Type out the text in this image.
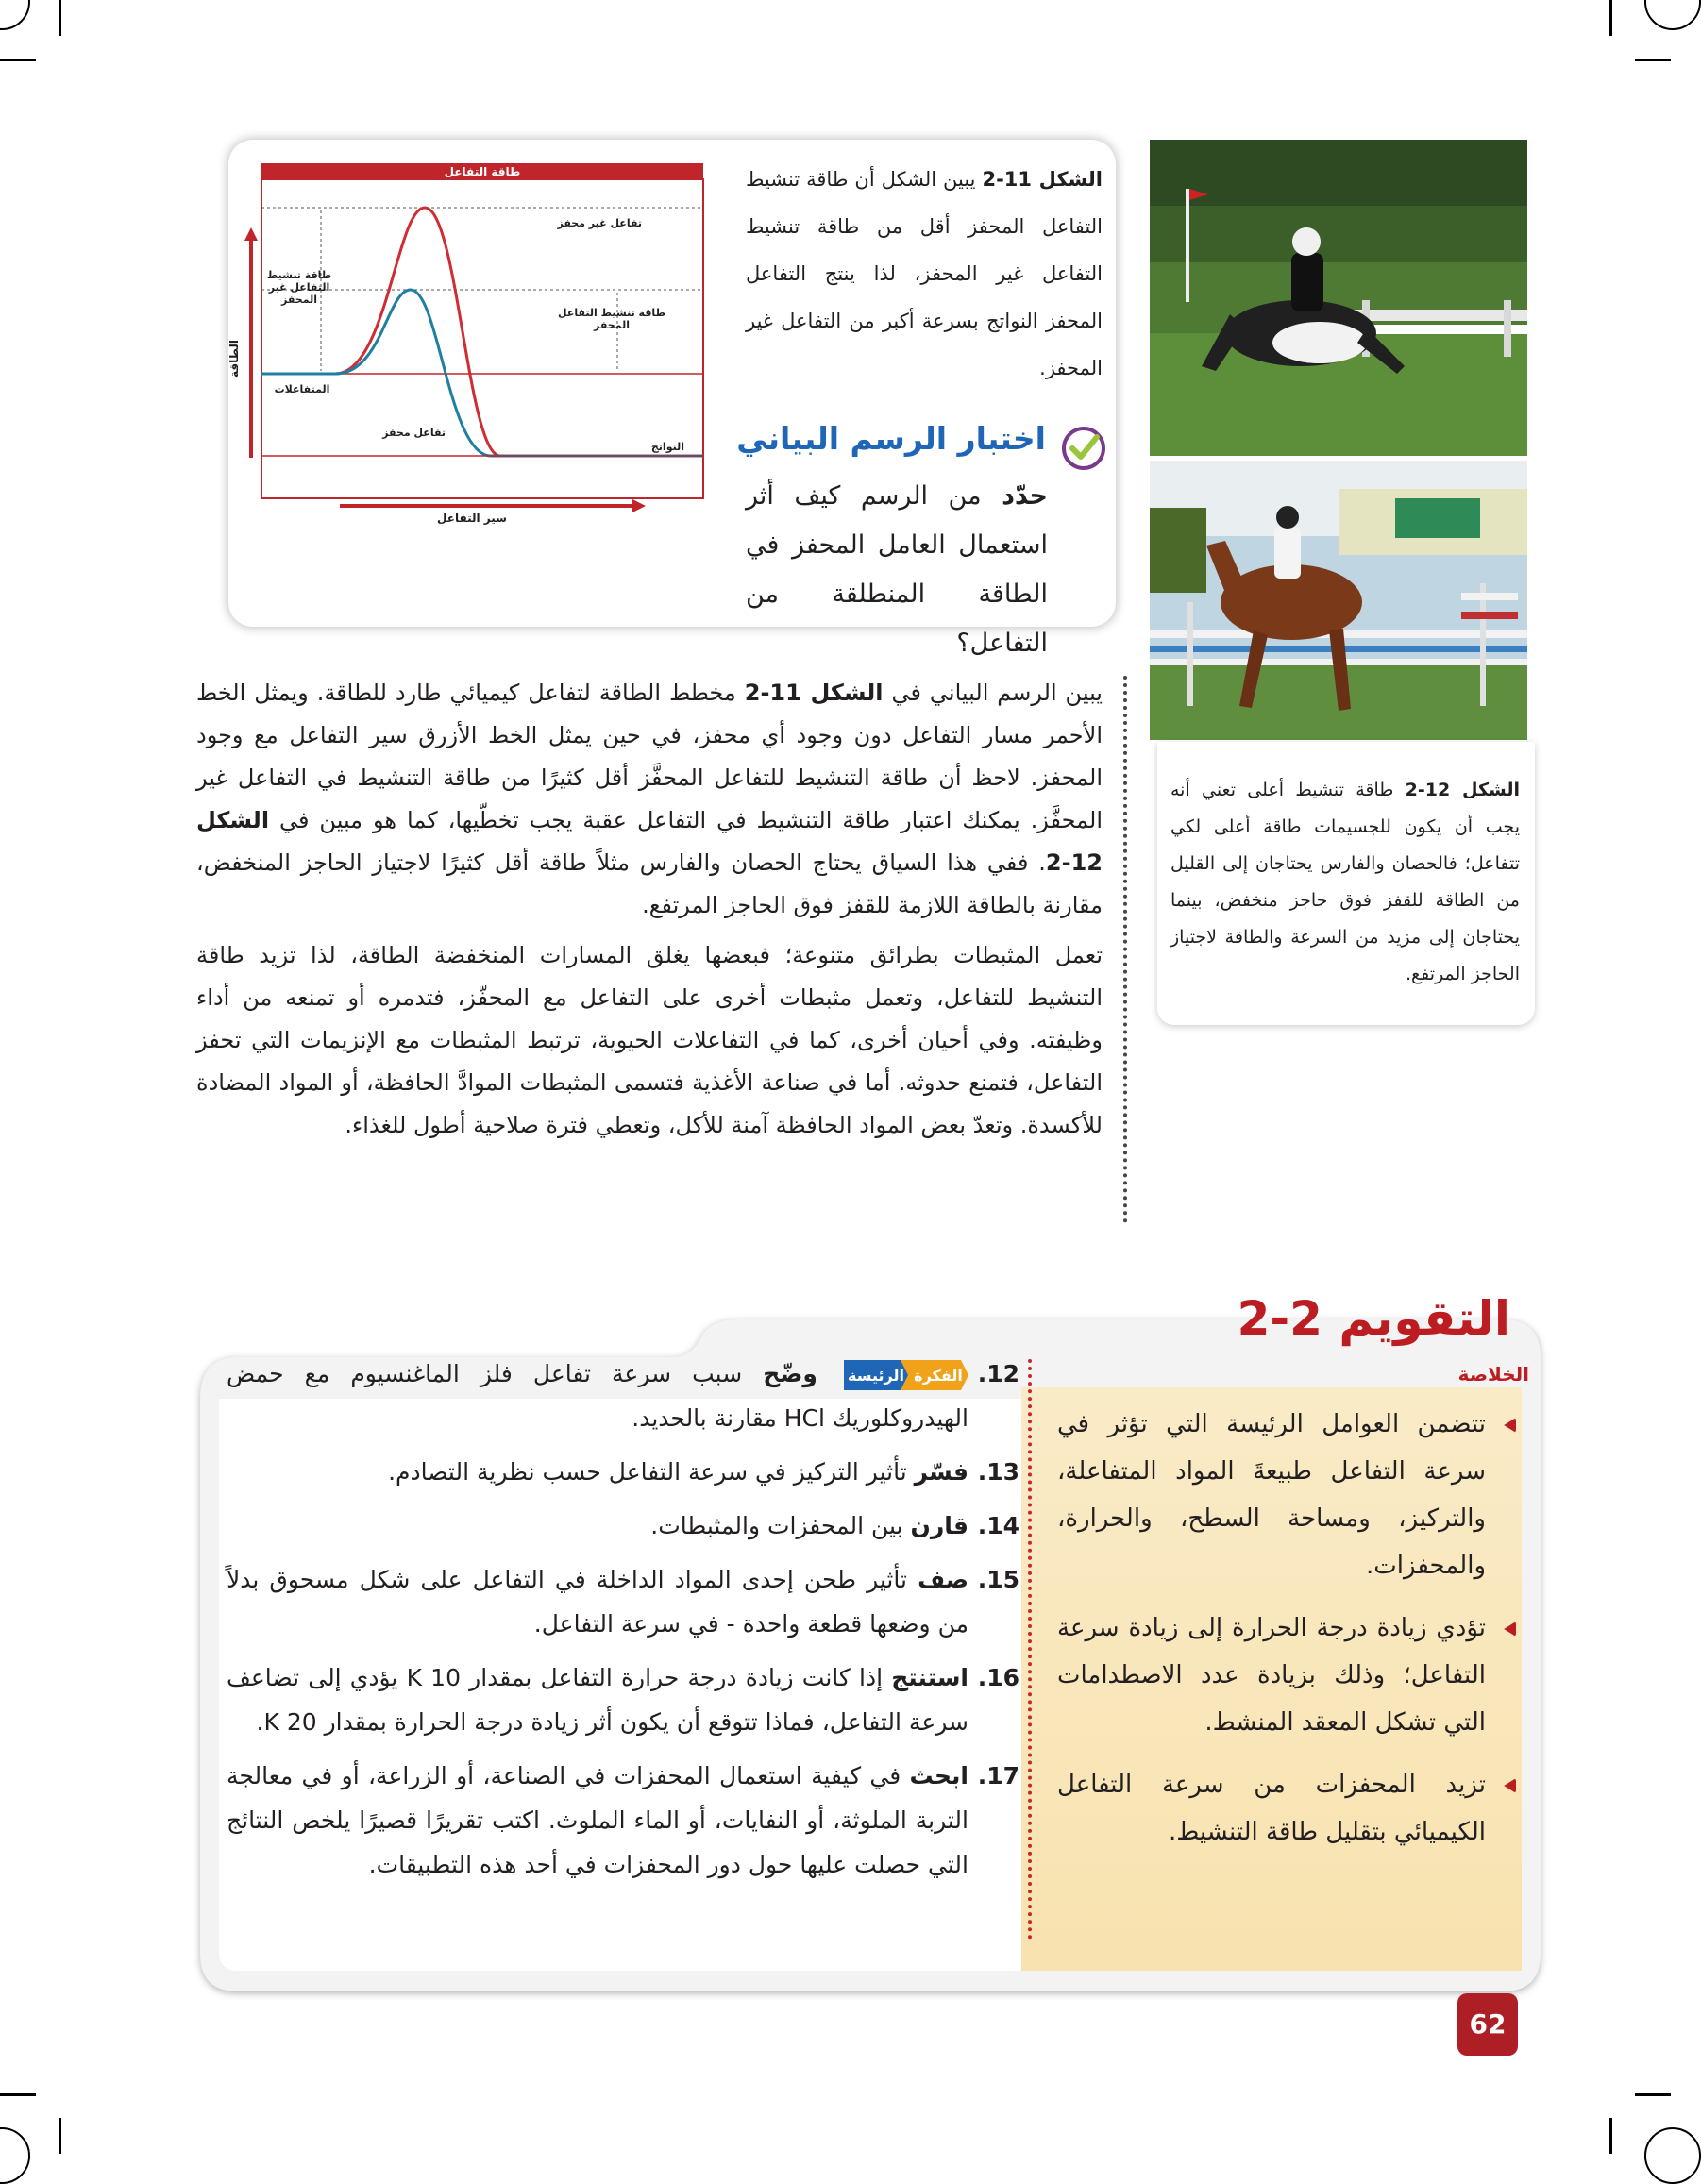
طاقة التفاعل
تفاعل غير محفز
طاقة تنشيط التفاعل غير المحفز
طاقة تنشيط التفاعل المحفز
المتفاعلات
تفاعل محفز
النواتج
سير التفاعل
الطاقة
الشكل 11-2 يبين الشكل أن طاقة تنشيط التفاعل المحفز أقل من طاقة تنشيط التفاعل غير المحفز، لذا ينتج التفاعل المحفز النواتج بسرعة أكبر من التفاعل غير المحفز.
اختبار الرسم البياني
حدّد من الرسم كيف أثر استعمال العامل المحفز في الطاقة المنطلقة من التفاعل؟
الشكل 12-2 طاقة تنشيط أعلى تعني أنه يجب أن يكون للجسيمات طاقة أعلى لكي تتفاعل؛ فالحصان والفارس يحتاجان إلى القليل من الطاقة للقفز فوق حاجز منخفض، بينما يحتاجان إلى مزيد من السرعة والطاقة لاجتياز الحاجز المرتفع.

يبين الرسم البياني في الشكل 11-2 مخطط الطاقة لتفاعل كيميائي طارد للطاقة. ويمثل الخط الأحمر مسار التفاعل دون وجود أي محفز، في حين يمثل الخط الأزرق سير التفاعل مع وجود المحفز. لاحظ أن طاقة التنشيط للتفاعل المحفَّز أقل كثيرًا من طاقة التنشيط في التفاعل غير المحفَّز. يمكنك اعتبار طاقة التنشيط في التفاعل عقبة يجب تخطّيها، كما هو مبين في الشكل 12-2. ففي هذا السياق يحتاج الحصان والفارس مثلاً طاقة أقل كثيرًا لاجتياز الحاجز المنخفض، مقارنة بالطاقة اللازمة للقفز فوق الحاجز المرتفع.

تعمل المثبطات بطرائق متنوعة؛ فبعضها يغلق المسارات المنخفضة الطاقة، لذا تزيد طاقة التنشيط للتفاعل، وتعمل مثبطات أخرى على التفاعل مع المحفّز، فتدمره أو تمنعه من أداء وظيفته. وفي أحيان أخرى، كما في التفاعلات الحيوية، ترتبط المثبطات مع الإنزيمات التي تحفز التفاعل، فتمنع حدوثه. أما في صناعة الأغذية فتسمى المثبطات الموادَّ الحافظة، أو المواد المضادة للأكسدة. وتعدّ بعض المواد الحافظة آمنة للأكل، وتعطي فترة صلاحية أطول للغذاء.

التقويم 2-2
الخلاصة
تتضمن العوامل الرئيسة التي تؤثر في سرعة التفاعل طبيعةَ المواد المتفاعلة، والتركيز، ومساحة السطح، والحرارة، والمحفزات.
تؤدي زيادة درجة الحرارة إلى زيادة سرعة التفاعل؛ وذلك بزيادة عدد الاصطدامات التي تشكل المعقد المنشط.
تزيد المحفزات من سرعة التفاعل الكيميائي بتقليل طاقة التنشيط.
12.
الرئيسة الفكرة
وضّح سبب سرعة تفاعل فلز الماغنسيوم مع حمض الهيدروكلوريك HCl مقارنة بالحديد.
13.
فسّر تأثير التركيز في سرعة التفاعل حسب نظرية التصادم.
14.
قارن بين المحفزات والمثبطات.
15.
صف تأثير طحن إحدى المواد الداخلة في التفاعل على شكل مسحوق بدلاً من وضعها قطعة واحدة - في سرعة التفاعل.
16.
استنتج إذا كانت زيادة درجة حرارة التفاعل بمقدار 10 K يؤدي إلى تضاعف سرعة التفاعل، فماذا تتوقع أن يكون أثر زيادة درجة الحرارة بمقدار 20 K.
17.
ابحث في كيفية استعمال المحفزات في الصناعة، أو الزراعة، أو في معالجة التربة الملوثة، أو النفايات، أو الماء الملوث. اكتب تقريرًا قصيرًا يلخص النتائج التي حصلت عليها حول دور المحفزات في أحد هذه التطبيقات.
62
